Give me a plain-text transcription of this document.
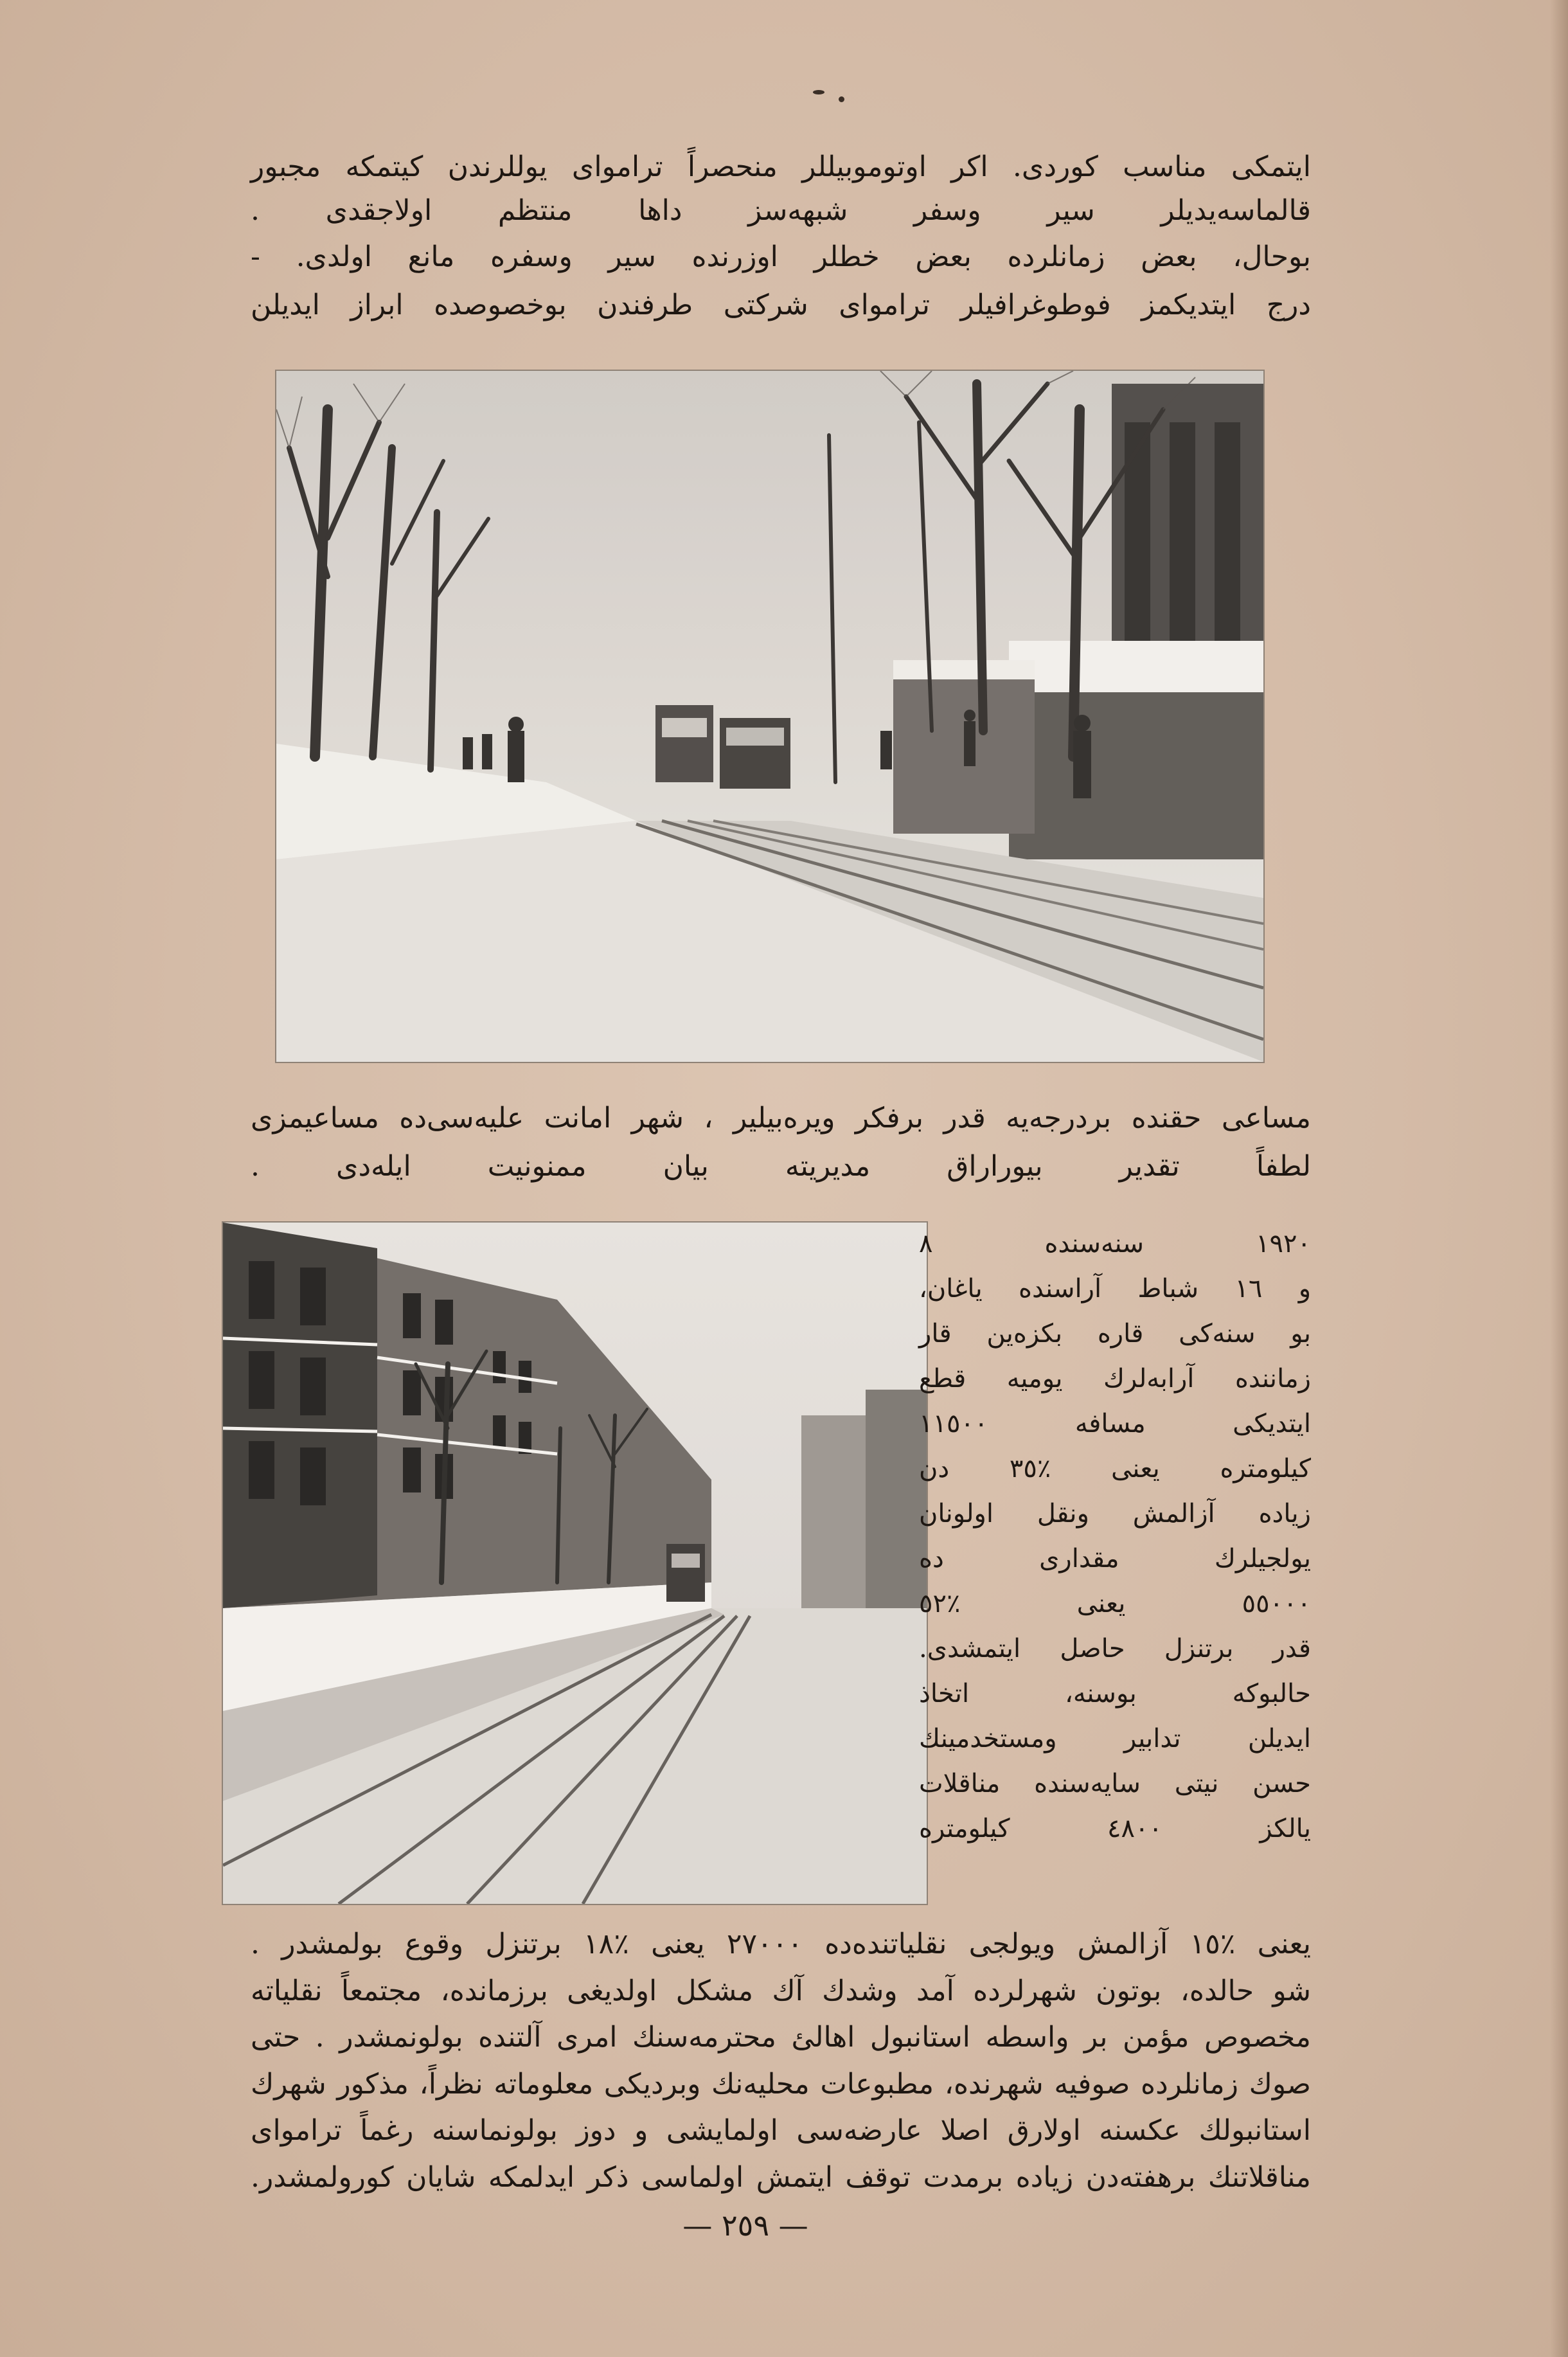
ایتمكی مناسب كوردی. اكر اوتوموبیللر منحصراً ترامواى يوللرندن كيتمكه مجبور
قالماسه‌يديلر سير وسفر شبهه‌سز داها منتظم اولاجقدی .
بوحال، بعض زمانلرده بعض خطلر اوزرنده سير وسفره مانع اولدی. -
درج ايتديكمز فوطوغرافيلر ترامواى شركتی طرفندن بوخصوصده ابراز ايديلن
مساعی حقنده بردرجه‌يه قدر برفكر ويره‌بيلير ، شهر امانت عليه‌سی‌ده مساعيمزی
لطفاً تقدير بيوراراق مديريته بيان ممنونيت ايله‌دی .
١٩٢٠ سنه‌سنده ٨
و ١٦ شباط آراسنده ياغان،
بو سنه‌كی قاره بكزه‌ين قار
زماننده آرابه‌لرك يوميه قطع
ايتديكی مسافه ١١٥٠٠
كيلومتره يعنی ٪٣٥ دن
زياده آزالمش ونقل اولونان
يولجيلرك مقداری ده
٥٥٠٠٠ يعنی ٪٥٢
قدر برتنزل حاصل ايتمشدی.
حالبوكه بوسنه، اتخاذ
ايديلن تدابير ومستخدمينك
حسن نيتی سايه‌سنده مناقلات
يالكز ٤٨٠٠ كيلومتره
يعنی ٪١٥ آزالمش ويولجی نقلياتنده‌ده ٢٧٠٠٠ يعنی ٪١٨ برتنزل وقوع بولمشدر .
شو حالده، بوتون شهرلرده آمد وشدك آك مشكل اولديغی برزمانده، مجتمعاً نقلياته
مخصوص مؤمن بر واسطه استانبول اهالئ محترمه‌سنك امری آلتنده بولونمشدر . حتی
صوك زمانلرده صوفيه شهرنده، مطبوعات محليه‌نك وبرديكی معلوماته نظراً، مذكور شهرك
استانبولك عكسنه اولارق اصلا عارضه‌سی اولمايشی و دوز بولونماسنه رغماً ترامواى
مناقلاتنك برهفته‌دن زياده برمدت توقف ايتمش اولماسی ذكر ايدلمكه شايان كورولمشدر.
— ٢٥٩ —
